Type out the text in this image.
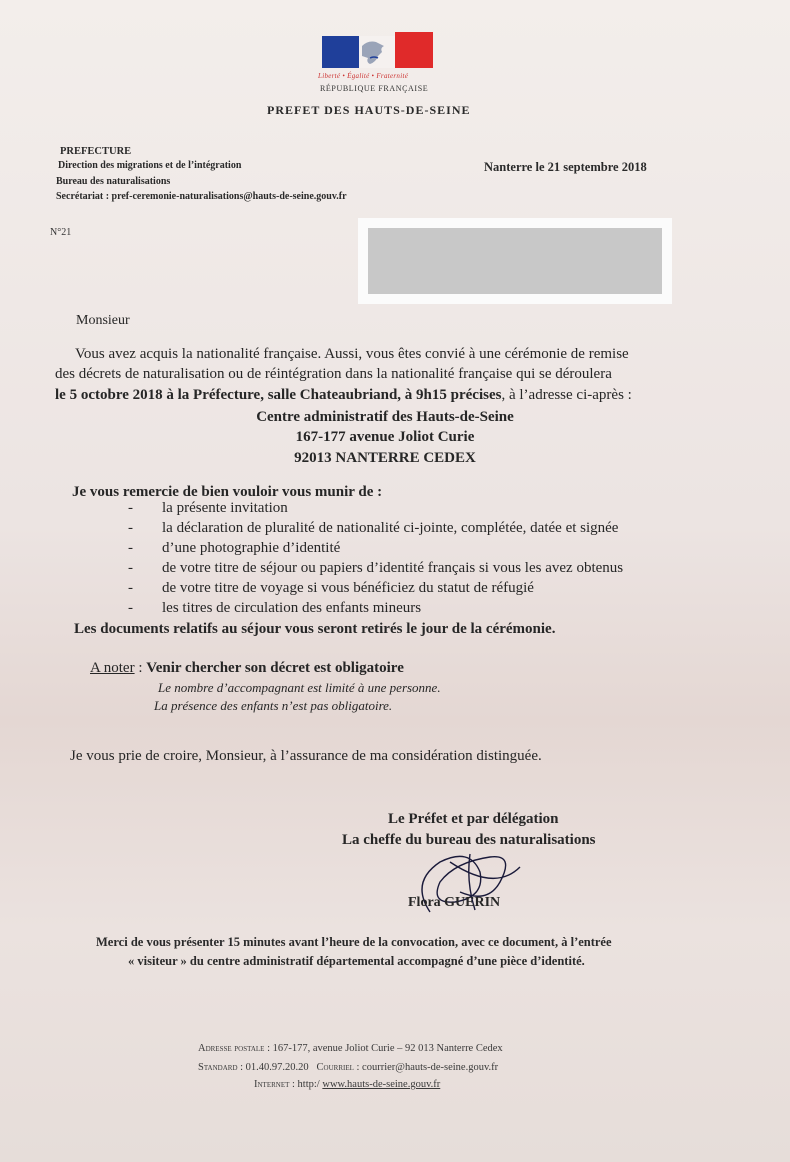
Liberté • Égalité • Fraternité
RÉPUBLIQUE FRANÇAISE
PREFET DES HAUTS-DE-SEINE
PREFECTURE
Direction des migrations et de l’intégration
Bureau des naturalisations
Secrétariat : pref-ceremonie-naturalisations@hauts-de-seine.gouv.fr
Nanterre le 21 septembre 2018
N°21
Monsieur
Vous avez acquis la nationalité française. Aussi, vous êtes convié à une cérémonie de remise
des décrets de naturalisation ou de réintégration dans la nationalité française qui se déroulera
le 5 octobre 2018 à la Préfecture, salle Chateaubriand, à 9h15 précises, à l’adresse ci-après :
Centre administratif des Hauts-de-Seine
167-177 avenue Joliot Curie
92013 NANTERRE CEDEX
Je vous remercie de bien vouloir vous munir de :
- la présente invitation
- la déclaration de pluralité de nationalité ci-jointe, complétée, datée et signée
- d’une photographie d’identité
- de votre titre de séjour ou papiers d’identité français si vous les avez obtenus
- de votre titre de voyage si vous bénéficiez du statut de réfugié
- les titres de circulation des enfants mineurs
Les documents relatifs au séjour vous seront retirés le jour de la cérémonie.
A noter : Venir chercher son décret est obligatoire
Le nombre d’accompagnant est limité à une personne.
La présence des enfants n’est pas obligatoire.
Je vous prie de croire, Monsieur, à l’assurance de ma considération distinguée.
Le Préfet et par délégation
La cheffe du bureau des naturalisations
Flora GUERIN
Merci de vous présenter 15 minutes avant l’heure de la convocation, avec ce document, à l’entrée
« visiteur » du centre administratif départemental accompagné d’une pièce d’identité.
Adresse postale : 167-177, avenue Joliot Curie – 92 013 Nanterre Cedex
Standard : 01.40.97.20.20 Courriel : courrier@hauts-de-seine.gouv.fr
Internet : http:/ www.hauts-de-seine.gouv.fr
